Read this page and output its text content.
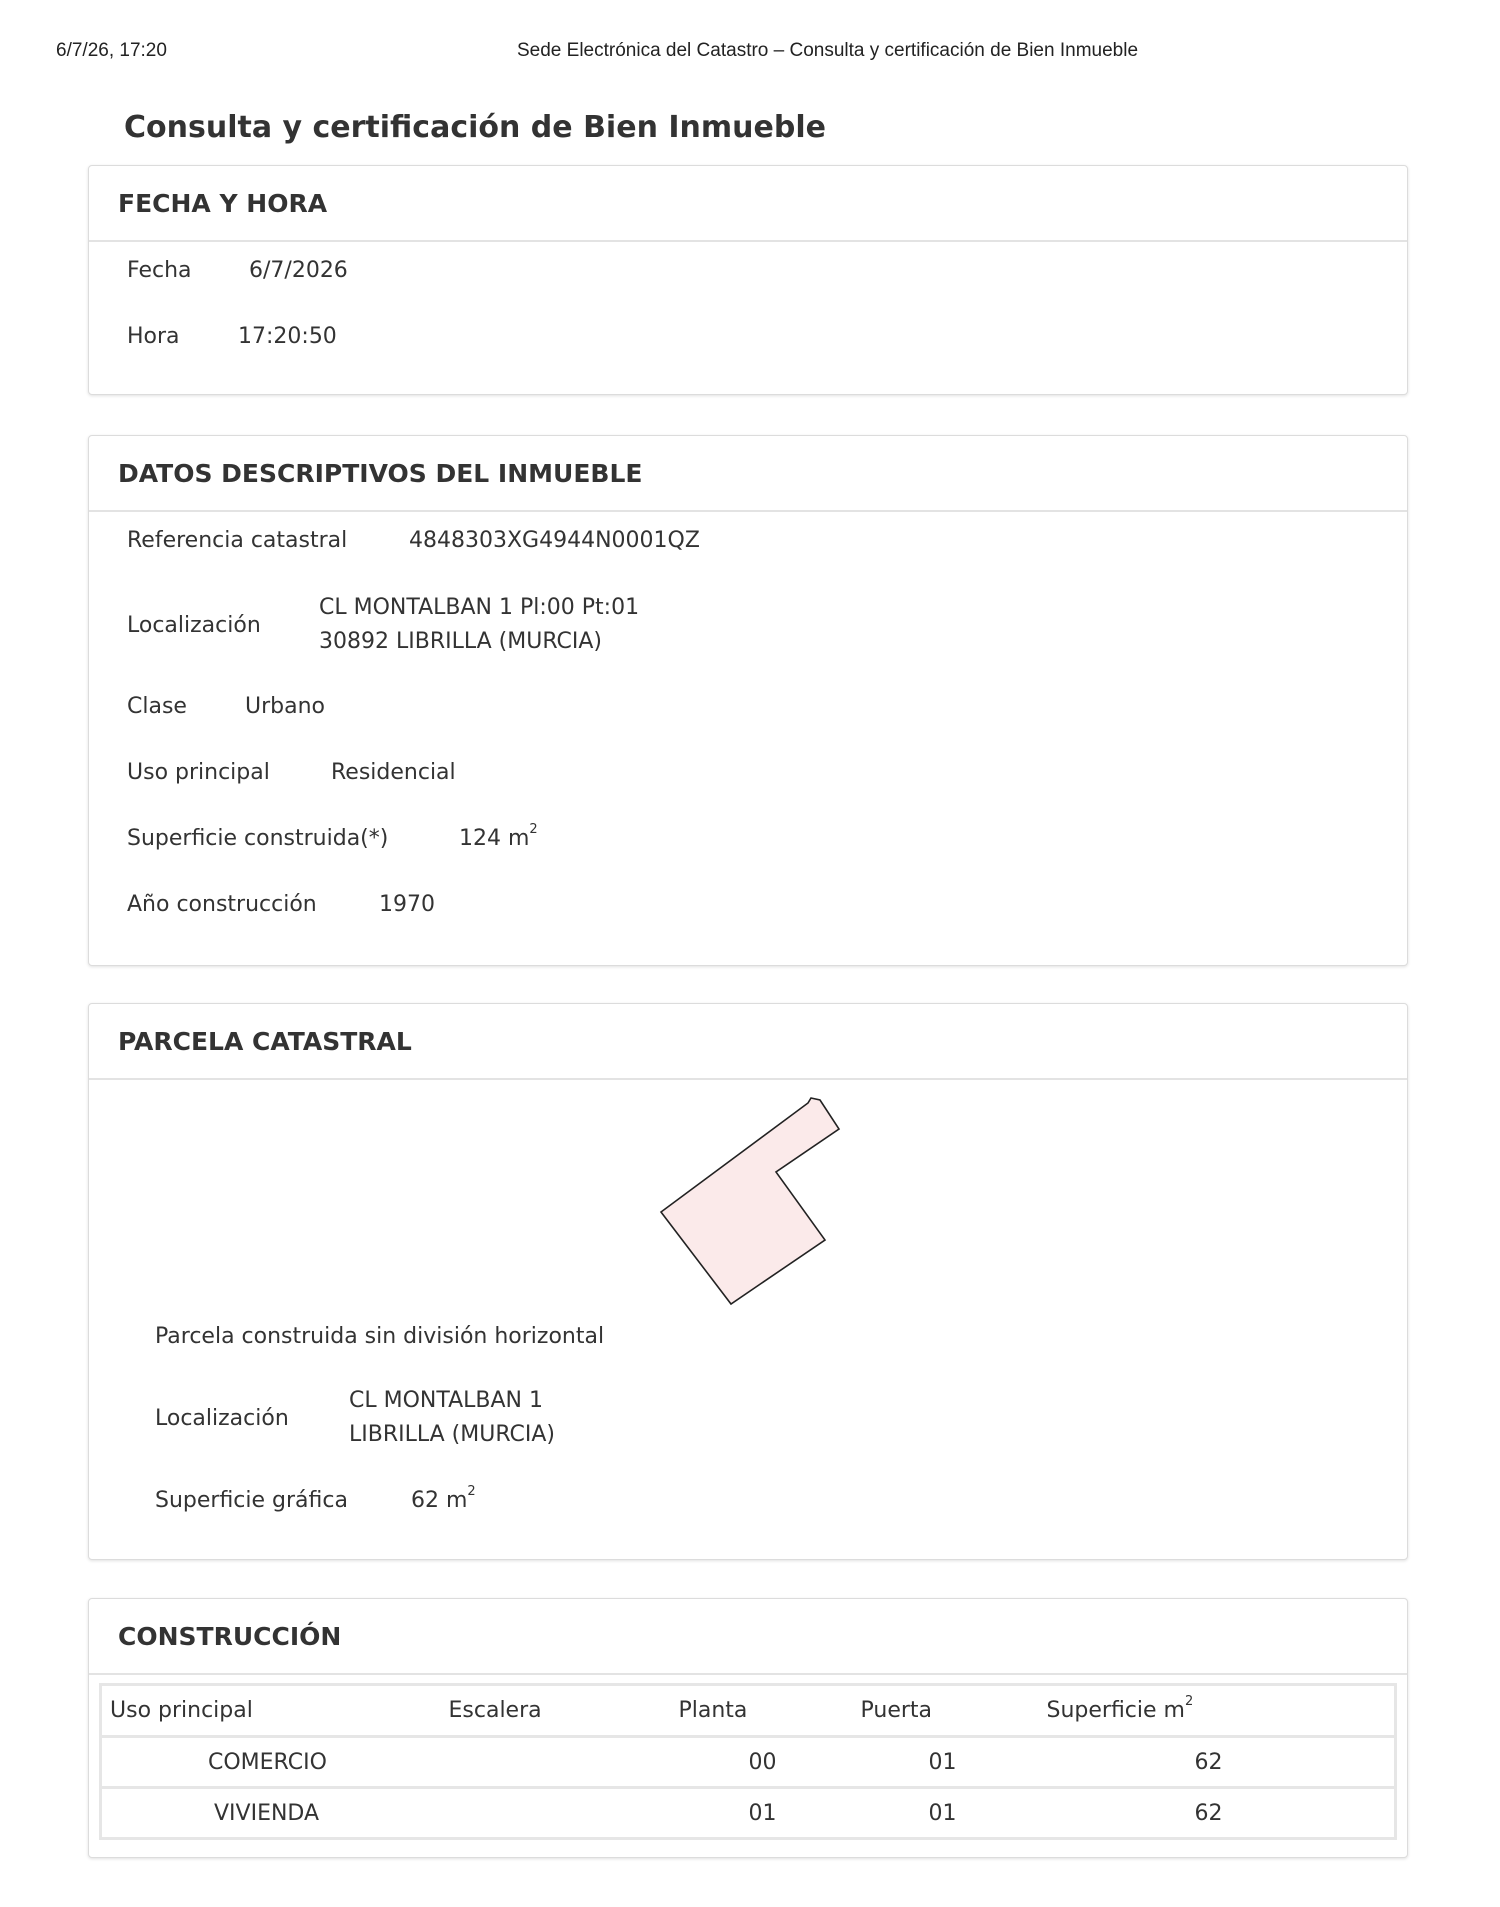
6/7/26, 17:20	Sede Electrónica del Catastro – Consulta y certificación de Bien Inmueble
Consulta y certificación de Bien Inmueble
FECHA Y HORA
Fecha	6/7/2026
Hora	17:20:50
DATOS DESCRIPTIVOS DEL INMUEBLE
Referencia catastral	4848303XG4944N0001QZ
Localización
CL MONTALBAN 1 Pl:00 Pt:01
30892 LIBRILLA (MURCIA)
Clase	Urbano
Uso principal	Residencial
Superficie construida(*)	124 $m^2$
Año construcción	1970
PARCELA CATASTRAL
Parcela construida sin división horizontal
Localización
CL MONTALBAN 1
LIBRILLA (MURCIA)
Superficie gráfica	62 $m^2$
CONSTRUCCIÓN
Uso principal	Escalera	Planta	Puerta	Superficie $m^2$
COMERCIO		00	01	62
VIVIENDA		01	01	62
